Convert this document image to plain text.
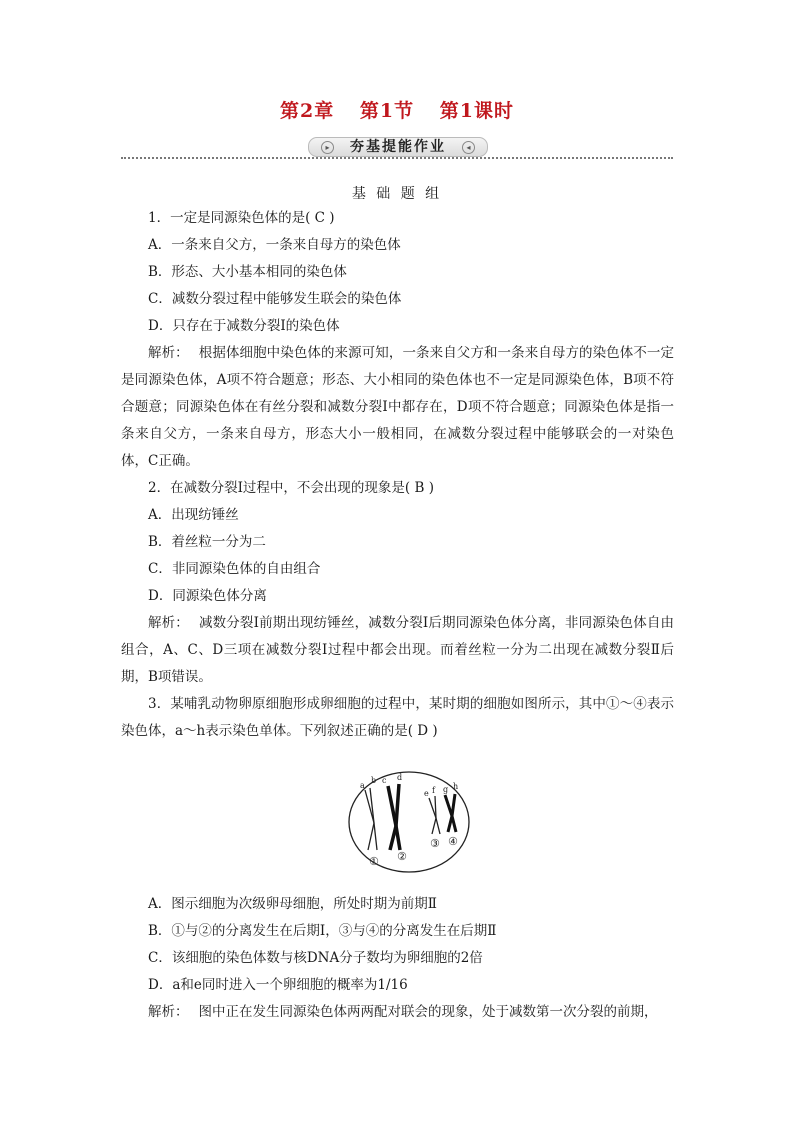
第2章 第1节 第1课时
▸	夯基提能作业	◂
基 础 题 组

1．一定是同源染色体的是( C )

A．一条来自父方，一条来自母方的染色体

B．形态、大小基本相同的染色体

C．减数分裂过程中能够发生联会的染色体

D．只存在于减数分裂Ⅰ的染色体

解析： 根据体细胞中染色体的来源可知，一条来自父方和一条来自母方的染色体不一定是同源染色体，A项不符合题意；形态、大小相同的染色体也不一定是同源染色体，B项不符合题意；同源染色体在有丝分裂和减数分裂Ⅰ中都存在，D项不符合题意；同源染色体是指一条来自父方，一条来自母方，形态大小一般相同，在减数分裂过程中能够联会的一对染色体，C正确。

2．在减数分裂Ⅰ过程中，不会出现的现象是( B )

A．出现纺锤丝

B．着丝粒一分为二

C．非同源染色体的自由组合

D．同源染色体分离

解析： 减数分裂Ⅰ前期出现纺锤丝，减数分裂Ⅰ后期同源染色体分离，非同源染色体自由组合，A、C、D三项在减数分裂Ⅰ过程中都会出现。而着丝粒一分为二出现在减数分裂Ⅱ后期，B项错误。

3．某哺乳动物卵原细胞形成卵细胞的过程中，某时期的细胞如图所示，其中①～④表示染色体，a～h表示染色单体。下列叙述正确的是( D )

a
b c d
e f g h
① ②
③ ④

A．图示细胞为次级卵母细胞，所处时期为前期Ⅱ

B．①与②的分离发生在后期Ⅰ，③与④的分离发生在后期Ⅱ

C．该细胞的染色体数与核DNA分子数均为卵细胞的2倍

D．a和e同时进入一个卵细胞的概率为1/16

解析： 图中正在发生同源染色体两两配对联会的现象，处于减数第一次分裂的前期，
